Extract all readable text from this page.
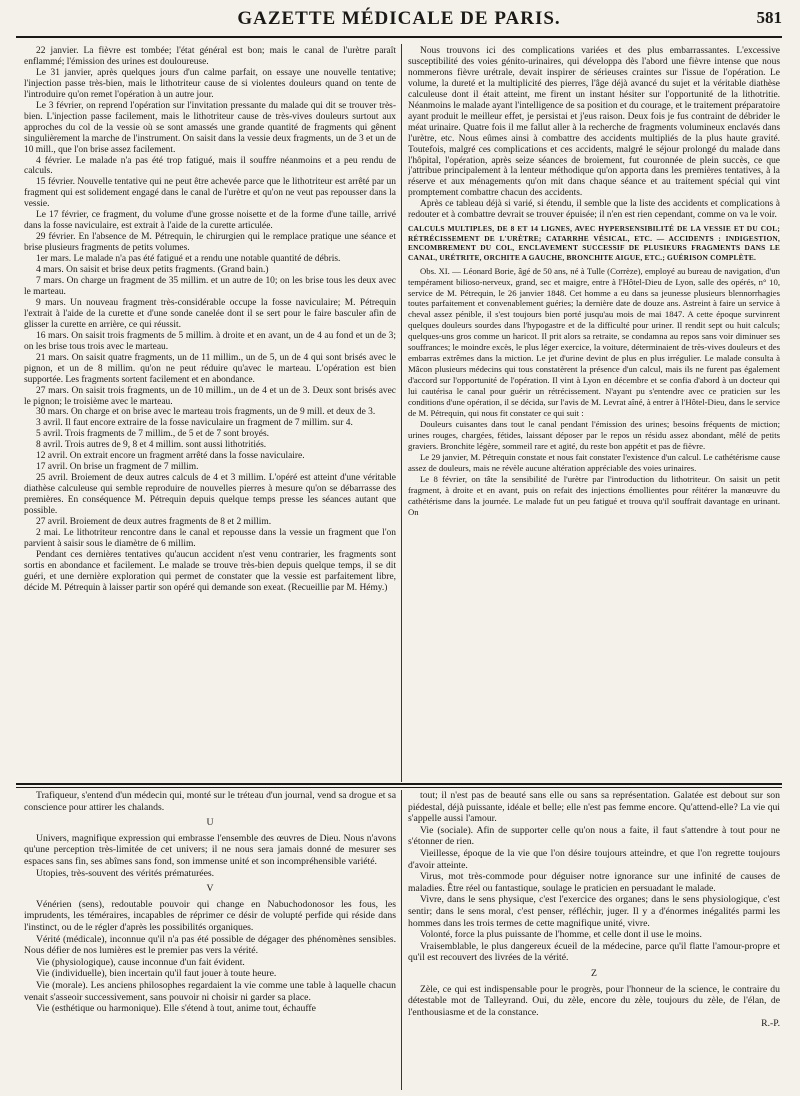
GAZETTE MÉDICALE DE PARIS.	581

22 janvier. La fièvre est tombée; l'état général est bon; mais le canal de l'urètre paraît enflammé; l'émission des urines est douloureuse.

Le 31 janvier, après quelques jours d'un calme parfait, on essaye une nouvelle tentative; l'injection passe très-bien, mais le lithotriteur cause de si violentes douleurs quand on tente de l'introduire qu'on remet l'opération à un autre jour.

Le 3 février, on reprend l'opération sur l'invitation pressante du malade qui dit se trouver très-bien. L'injection passe facilement, mais le lithotriteur cause de très-vives douleurs surtout aux approches du col de la vessie où se sont amassés une grande quantité de fragments qui gênent singulièrement la marche de l'instrument. On saisit dans la vessie deux fragments, un de 3 et un de 10 mill., que l'on brise assez facilement.

4 février. Le malade n'a pas été trop fatigué, mais il souffre néanmoins et a peu rendu de calculs.

15 février. Nouvelle tentative qui ne peut être achevée parce que le lithotriteur est arrêté par un fragment qui est solidement engagé dans le canal de l'urètre et qu'on ne veut pas repousser dans la vessie.

Le 17 février, ce fragment, du volume d'une grosse noisette et de la forme d'une taille, arrivé dans la fosse naviculaire, est extrait à l'aide de la curette articulée.

29 février. En l'absence de M. Pétrequin, le chirurgien qui le remplace pratique une séance et brise plusieurs fragments de petits volumes.

1er mars. Le malade n'a pas été fatigué et a rendu une notable quantité de débris.

4 mars. On saisit et brise deux petits fragments. (Grand bain.)

7 mars. On charge un fragment de 35 millim. et un autre de 10; on les brise tous les deux avec le marteau.

9 mars. Un nouveau fragment très-considérable occupe la fosse naviculaire; M. Pétrequin l'extrait à l'aide de la curette et d'une sonde canelée dont il se sert pour le faire basculer afin de glisser la curette en arrière, ce qui réussit.

16 mars. On saisit trois fragments de 5 millim. à droite et en avant, un de 4 au fond et un de 3; on les brise tous trois avec le marteau.

21 mars. On saisit quatre fragments, un de 11 millim., un de 5, un de 4 qui sont brisés avec le pignon, et un de 8 millim. qu'on ne peut réduire qu'avec le marteau. L'opération est bien supportée. Les fragments sortent facilement et en abondance.

27 mars. On saisit trois fragments, un de 10 millim., un de 4 et un de 3. Deux sont brisés avec le pignon; le troisième avec le marteau.

30 mars. On charge et on brise avec le marteau trois fragments, un de 9 mill. et deux de 3.

3 avril. Il faut encore extraire de la fosse naviculaire un fragment de 7 millim. sur 4.

5 avril. Trois fragments de 7 millim., de 5 et de 7 sont broyés.

8 avril. Trois autres de 9, 8 et 4 millim. sont aussi lithotritiés.

12 avril. On extrait encore un fragment arrêté dans la fosse naviculaire.

17 avril. On brise un fragment de 7 millim.

25 avril. Broiement de deux autres calculs de 4 et 3 millim. L'opéré est atteint d'une véritable diathèse calculeuse qui semble reproduire de nouvelles pierres à mesure qu'on se débarrasse des premières. En conséquence M. Pétrequin depuis quelque temps presse les séances autant que possible.

27 avril. Broiement de deux autres fragments de 8 et 2 millim.

2 mai. Le lithotriteur rencontre dans le canal et repousse dans la vessie un fragment que l'on parvient à saisir sous le diamètre de 6 millim.

Pendant ces dernières tentatives qu'aucun accident n'est venu contrarier, les fragments sont sortis en abondance et facilement. Le malade se trouve très-bien depuis quelque temps, il se dit guéri, et une dernière exploration qui permet de constater que la vessie est parfaitement libre, décide M. Pétrequin à laisser partir son opéré qui demande son exeat. (Recueillie par M. Hémy.)

Nous trouvons ici des complications variées et des plus embarrassantes. L'excessive susceptibilité des voies génito-urinaires, qui développa dès l'abord une fièvre intense que nous nommerons fièvre urétrale, devait inspirer de sérieuses craintes sur l'issue de l'opération. Le volume, la dureté et la multiplicité des pierres, l'âge déjà avancé du sujet et la véritable diathèse calculeuse dont il était atteint, me firent un instant hésiter sur l'opportunité de la lithotritie. Néanmoins le malade ayant l'intelligence de sa position et du courage, et le traitement préparatoire ayant produit le meilleur effet, je persistai et j'eus raison. Deux fois je fus contraint de débrider le méat urinaire. Quatre fois il me fallut aller à la recherche de fragments volumineux enclavés dans l'urètre, etc. Nous eûmes ainsi à combattre des accidents multipliés de la plus haute gravité. Toutefois, malgré ces complications et ces accidents, malgré le séjour prolongé du malade dans l'hôpital, l'opération, après seize séances de broiement, fut couronnée de plein succès, ce que j'attribue principalement à la lenteur méthodique qu'on apporta dans les premières tentatives, à la réserve et aux ménagements qu'on mit dans chaque séance et au traitement spécial qui vint promptement combattre chacun des accidents.

Après ce tableau déjà si varié, si étendu, il semble que la liste des accidents et complications à redouter et à combattre devrait se trouver épuisée; il n'en est rien cependant, comme on va le voir.

CALCULS MULTIPLES, DE 8 ET 14 LIGNES, AVEC HYPERSENSIBILITÉ DE LA VESSIE ET DU COL; RÉTRÉCISSEMENT DE L'URÈTRE; CATARRHE VÉSICAL, ETC. — ACCIDENTS : INDIGESTION, ENCOMBREMENT DU COL, ENCLAVEMENT SUCCESSIF DE PLUSIEURS FRAGMENTS DANS LE CANAL, URÉTRITE, ORCHITE A GAUCHE, BRONCHITE AIGUE, ETC.; GUÉRISON COMPLÈTE.

Obs. XI. — Léonard Borie, âgé de 50 ans, né à Tulle (Corrèze), employé au bureau de navigation, d'un tempérament bilioso-nerveux, grand, sec et maigre, entre à l'Hôtel-Dieu de Lyon, salle des opérés, n° 10, service de M. Pétrequin, le 26 janvier 1848. Cet homme a eu dans sa jeunesse plusieurs blennorrhagies toutes parfaitement et convenablement guéries; la dernière date de douze ans. Astreint à faire un service à cheval assez pénible, il s'est toujours bien porté jusqu'au mois de mai 1847. A cette époque survinrent quelques douleurs sourdes dans l'hypogastre et de la difficulté pour uriner. Il rendit sept ou huit calculs; quelques-uns gros comme un haricot. Il prit alors sa retraite, se condamna au repos sans voir diminuer ses souffrances; le moindre excès, le plus léger exercice, la voiture, déterminaient de très-vives douleurs et des embarras extrêmes dans la miction. Le jet d'urine devint de plus en plus irrégulier. Le malade consulta à Mâcon plusieurs médecins qui tous constatèrent la présence d'un calcul, mais ils ne furent pas également d'accord sur l'opportunité de l'opération. Il vint à Lyon en décembre et se confia d'abord à un docteur qui lui cautérisa le canal pour guérir un rétrécissement. N'ayant pu s'entendre avec ce praticien sur les conditions d'une opération, il se décida, sur l'avis de M. Levrat aîné, à entrer à l'Hôtel-Dieu, dans le service de M. Pétrequin, qui nous fit constater ce qui suit :

Douleurs cuisantes dans tout le canal pendant l'émission des urines; besoins fréquents de miction; urines rouges, chargées, fétides, laissant déposer par le repos un résidu assez abondant, mêlé de petits graviers. Bronchite légère, sommeil rare et agité, du reste bon appétit et pas de fièvre.

Le 29 janvier, M. Pétrequin constate et nous fait constater l'existence d'un calcul. Le cathétérisme cause assez de douleurs, mais ne révèle aucune altération appréciable des voies urinaires.

Le 8 février, on tâte la sensibilité de l'urètre par l'introduction du lithotriteur. On saisit un petit fragment, à droite et en avant, puis on refait des injections émollientes pour réitérer la manœuvre du cathétérisme dans la journée. Le malade fut un peu fatigué et trouva qu'il souffrait davantage en urinant. On

Trafiqueur, s'entend d'un médecin qui, monté sur le tréteau d'un journal, vend sa drogue et sa conscience pour attirer les chalands.

U

Univers, magnifique expression qui embrasse l'ensemble des œuvres de Dieu. Nous n'avons qu'une perception très-limitée de cet univers; il ne nous sera jamais donné de mesurer ses espaces sans fin, ses abîmes sans fond, son immense unité et son incompréhensible variété.

Utopies, très-souvent des vérités prématurées.

V

Vénérien (sens), redoutable pouvoir qui change en Nabuchodonosor les fous, les imprudents, les téméraires, incapables de réprimer ce désir de volupté perfide qui réside dans l'instinct, ou de le régler d'après les possibilités organiques.

Vérité (médicale), inconnue qu'il n'a pas été possible de dégager des phénomènes sensibles. Nous défier de nos lumières est le premier pas vers la vérité.

Vie (physiologique), cause inconnue d'un fait évident.

Vie (individuelle), bien incertain qu'il faut jouer à toute heure.

Vie (morale). Les anciens philosophes regardaient la vie comme une table à laquelle chacun venait s'asseoir successivement, sans pouvoir ni choisir ni garder sa place.

Vie (esthétique ou harmonique). Elle s'étend à tout, anime tout, échauffe

tout; il n'est pas de beauté sans elle ou sans sa représentation. Galatée est debout sur son piédestal, déjà puissante, idéale et belle; elle n'est pas femme encore. Qu'attend-elle? La vie qui s'appelle aussi l'amour.

Vie (sociale). Afin de supporter celle qu'on nous a faite, il faut s'attendre à tout pour ne s'étonner de rien.

Vieillesse, époque de la vie que l'on désire toujours atteindre, et que l'on regrette toujours d'avoir atteinte.

Virus, mot très-commode pour déguiser notre ignorance sur une infinité de causes de maladies. Être réel ou fantastique, soulage le praticien en persuadant le malade.

Vivre, dans le sens physique, c'est l'exercice des organes; dans le sens physiologique, c'est sentir; dans le sens moral, c'est penser, réfléchir, juger. Il y a d'énormes inégalités parmi les hommes dans les trois termes de cette magnifique unité, vivre.

Volonté, force la plus puissante de l'homme, et celle dont il use le moins.

Vraisemblable, le plus dangereux écueil de la médecine, parce qu'il flatte l'amour-propre et qu'il est recouvert des livrées de la vérité.

Z

Zèle, ce qui est indispensable pour le progrès, pour l'honneur de la science, le contraire du détestable mot de Talleyrand. Oui, du zèle, encore du zèle, toujours du zèle, de l'élan, de l'enthousiasme et de la constance.

R.-P.
